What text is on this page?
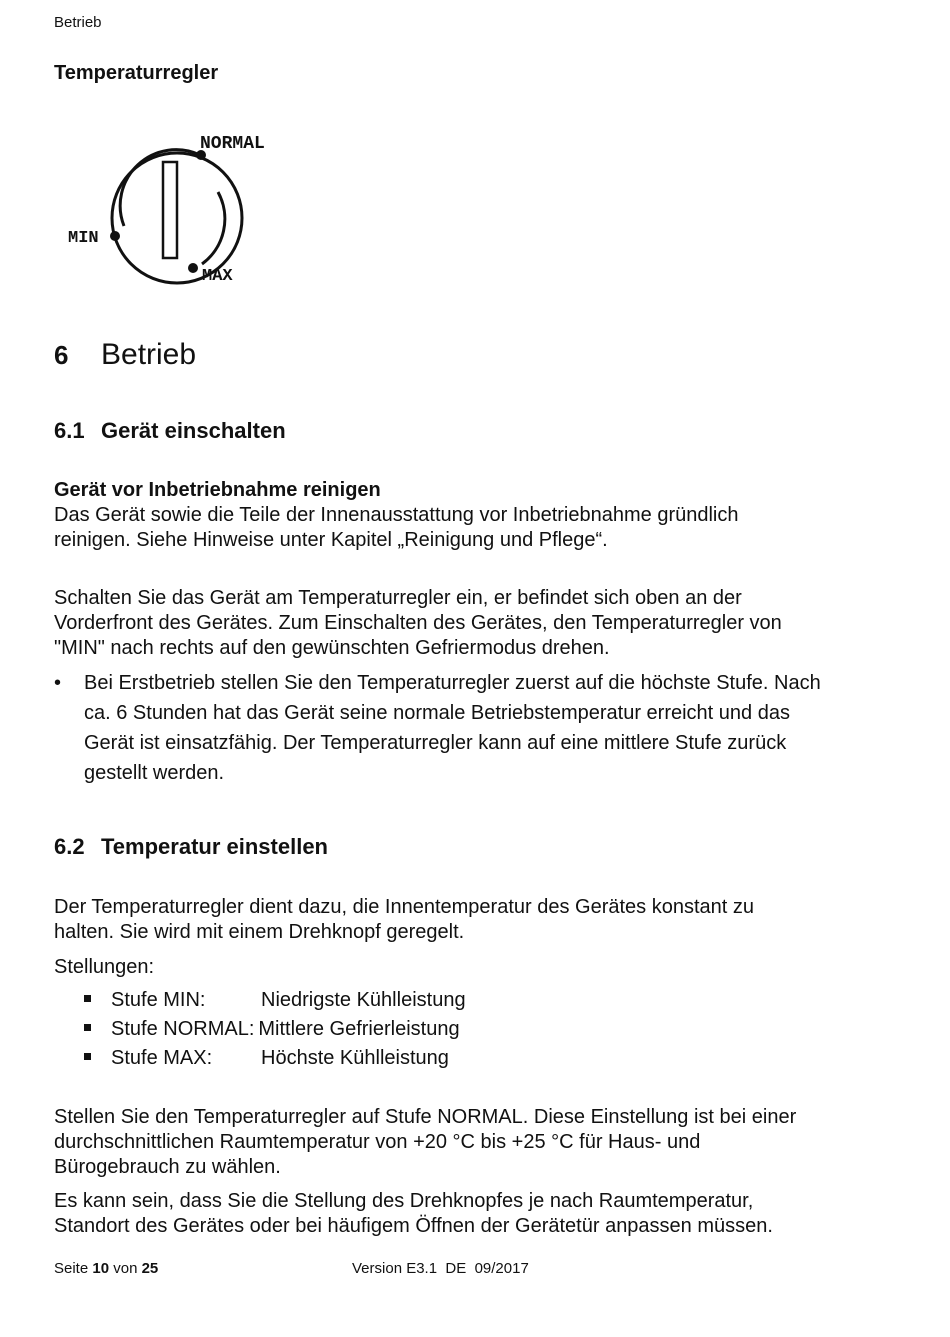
Betrieb
Temperaturregler
NORMAL
MIN
MAX
6 Betrieb
6.1 Gerät einschalten
Gerät vor Inbetriebnahme reinigen
Das Gerät sowie die Teile der Innenausstattung vor Inbetriebnahme gründlich
reinigen. Siehe Hinweise unter Kapitel „Reinigung und Pflege“.
Schalten Sie das Gerät am Temperaturregler ein, er befindet sich oben an der
Vorderfront des Gerätes. Zum Einschalten des Gerätes, den Temperaturregler von
"MIN" nach rechts auf den gewünschten Gefriermodus drehen.
• Bei Erstbetrieb stellen Sie den Temperaturregler zuerst auf die höchste Stufe. Nach
ca. 6 Stunden hat das Gerät seine normale Betriebstemperatur erreicht und das
Gerät ist einsatzfähig. Der Temperaturregler kann auf eine mittlere Stufe zurück
gestellt werden.
6.2 Temperatur einstellen
Der Temperaturregler dient dazu, die Innentemperatur des Gerätes konstant zu
halten. Sie wird mit einem Drehknopf geregelt.
Stellungen:
Stufe MIN:	Niedrigste Kühlleistung
Stufe NORMAL: Mittlere Gefrierleistung
Stufe MAX: Höchste Kühlleistung
Stellen Sie den Temperaturregler auf Stufe NORMAL. Diese Einstellung ist bei einer
durchschnittlichen Raumtemperatur von +20 °C bis +25 °C für Haus- und
Bürogebrauch zu wählen.
Es kann sein, dass Sie die Stellung des Drehknopfes je nach Raumtemperatur,
Standort des Gerätes oder bei häufigem Öffnen der Gerätetür anpassen müssen.
Seite 10 von 25	Version E3.1  DE  09/2017
